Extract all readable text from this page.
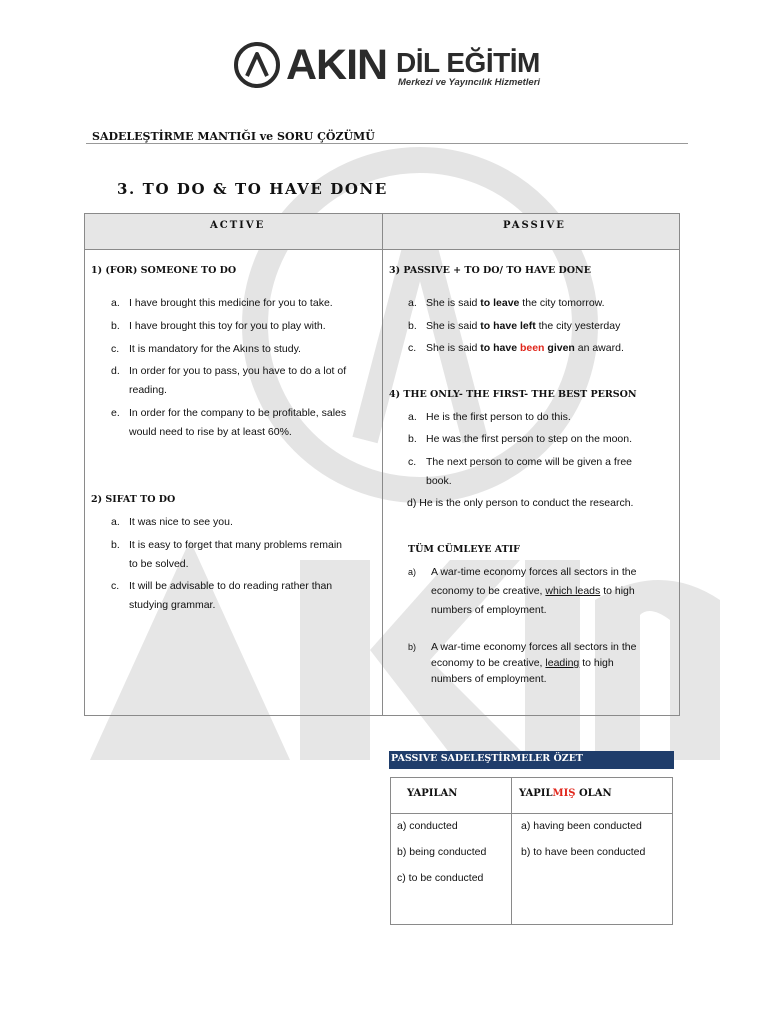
AKIN DİL EĞİTİM
Merkezi ve Yayıncılık Hizmetleri
SADELEŞTİRME MANTIĞI ve SORU ÇÖZÜMÜ
3. TO DO & TO HAVE DONE
ACTIVE	PASSIVE
1) (FOR) SOMEONE TO DO
a. I have brought this medicine for you to take.
b. I have brought this toy for you to play with.
c. It is mandatory for the Akıns to study.
d. In order for you to pass, you have to do a lot of
reading.
e. In order for the company to be profitable, sales
would need to rise by at least 60%.
2) SIFAT TO DO
a. It was nice to see you.
b. It is easy to forget that many problems remain
to be solved.
c. It will be advisable to do reading rather than
studying grammar.
3) PASSIVE + TO DO/ TO HAVE DONE
a. She is said to leave the city tomorrow.
b. She is said to have left the city yesterday
c. She is said to have been given an award.
4) THE ONLY- THE FIRST- THE BEST PERSON
a. He is the first person to do this.
b. He was the first person to step on the moon.
c. The next person to come will be given a free
book.
d) He is the only person to conduct the research.
TÜM CÜMLEYE ATIF
a) A war-time economy forces all sectors in the
economy to be creative, which leads to high
numbers of employment.
b) A war-time economy forces all sectors in the
economy to be creative, leading to high
numbers of employment.
PASSIVE SADELEŞTİRMELER ÖZET
YAPILAN	YAPILMIŞ OLAN
a) conducted
b) being conducted
c) to be conducted
a) having been conducted
b) to have been conducted
